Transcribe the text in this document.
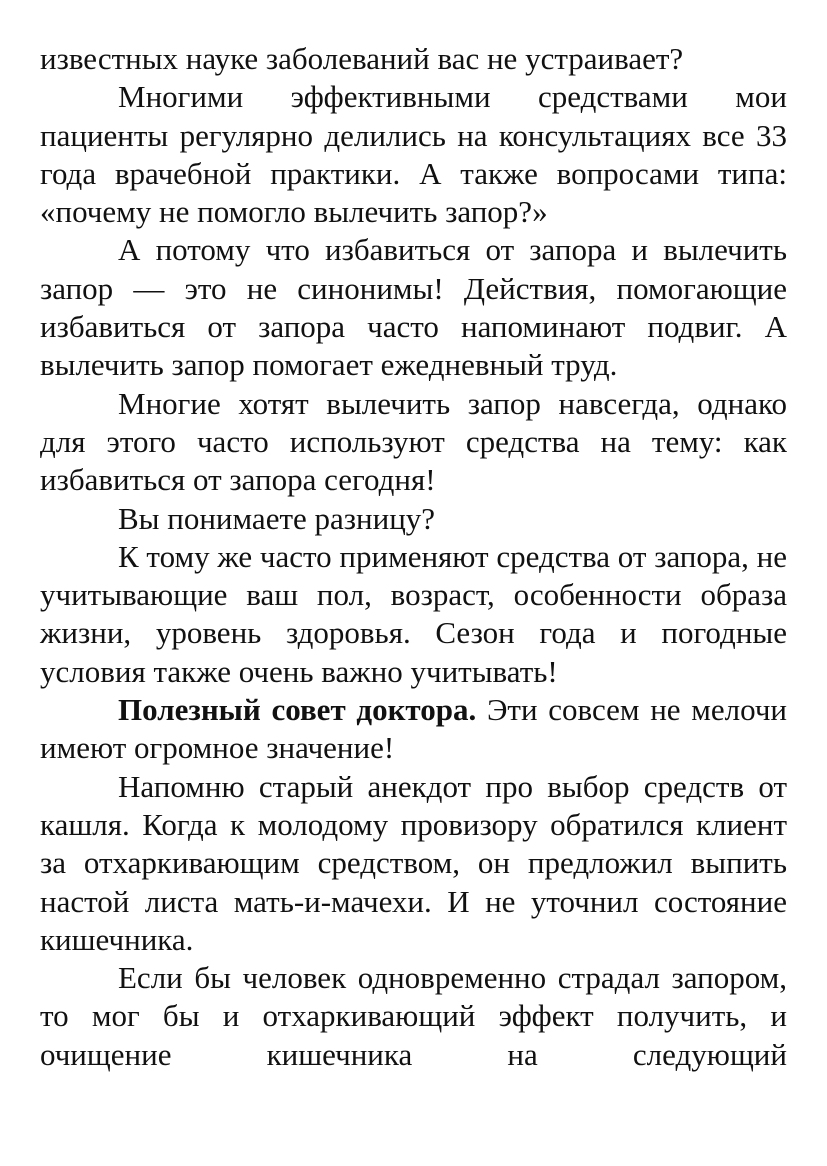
известных науке заболеваний вас не устраивает?

Многими эффективными средствами мои пациенты регулярно делились на консультациях все 33 года врачебной практики. А также вопросами типа: «почему не помогло вылечить запор?»

А потому что избавиться от запора и вылечить запор — это не синонимы! Действия, помогающие избавиться от запора часто напоминают подвиг. А вылечить запор помогает ежедневный труд.

Многие хотят вылечить запор навсегда, однако для этого часто используют средства на тему: как избавиться от запора сегодня!

Вы понимаете разницу?

К тому же часто применяют средства от запора, не учитывающие ваш пол, возраст, особенности образа жизни, уровень здоровья. Сезон года и погодные условия также очень важно учитывать!

Полезный совет доктора. Эти совсем не мелочи имеют огромное значение!

Напомню старый анекдот про выбор средств от кашля. Когда к молодому провизору обратился клиент за отхаркивающим средством, он предложил выпить настой листа мать-и-мачехи. И не уточнил состояние кишечника.

Если бы человек одновременно страдал запором, то мог бы и отхаркивающий эффект получить, и очищение кишечника на следующий
